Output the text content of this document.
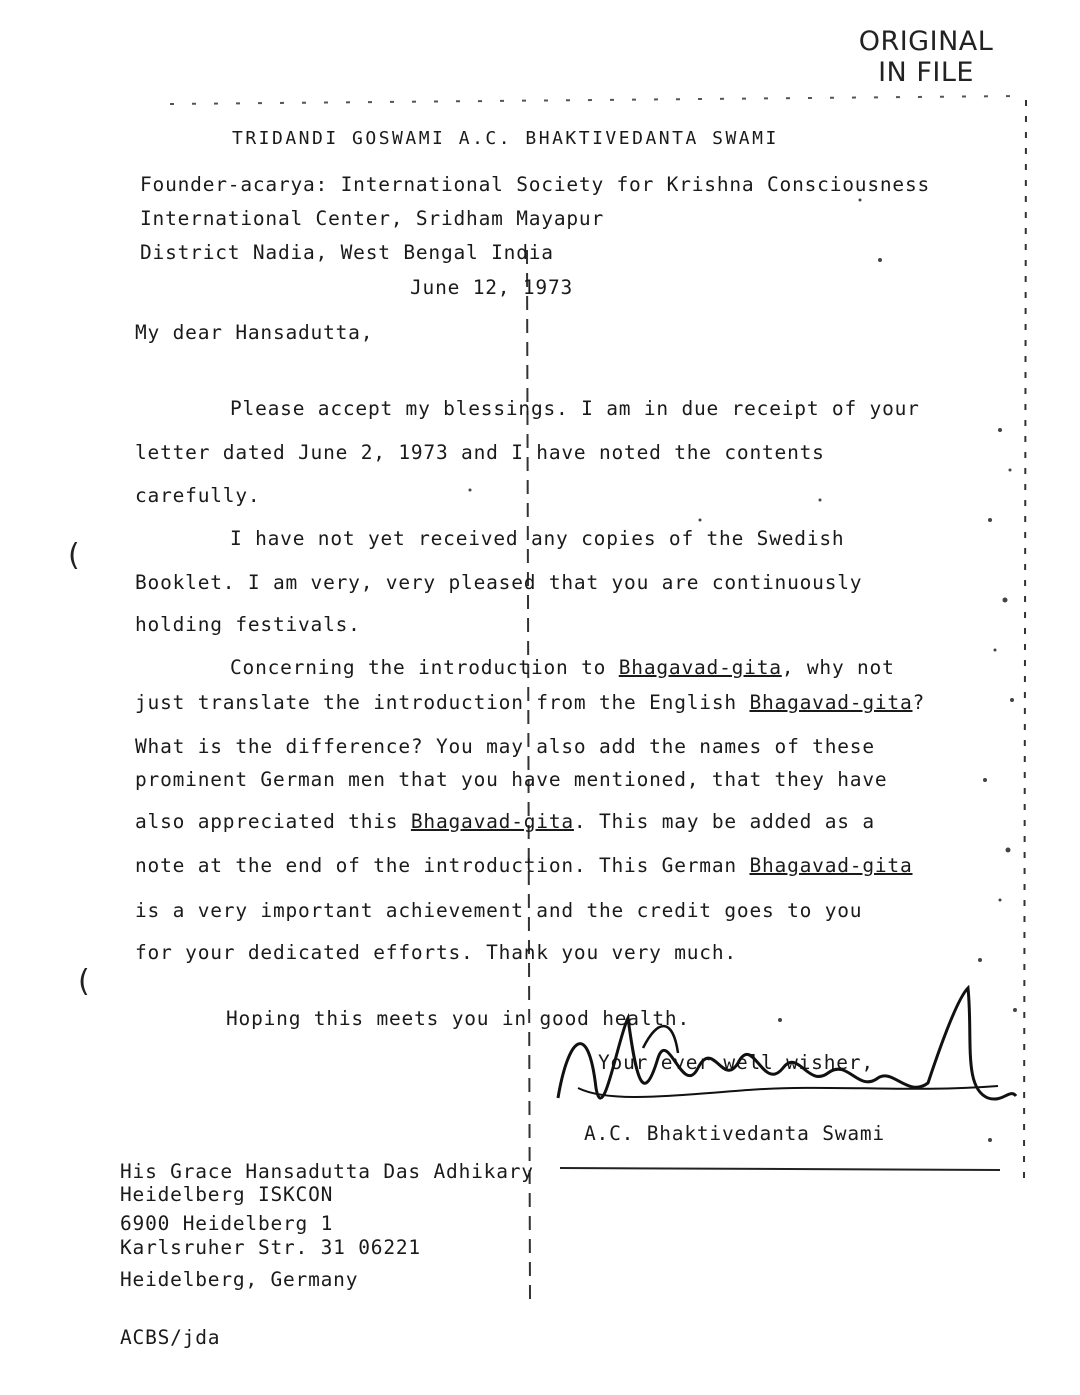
ORIGINAL
IN FILE
TRIDANDI GOSWAMI A.C. BHAKTIVEDANTA SWAMI
Founder-acarya: International Society for Krishna Consciousness
International Center, Sridham Mayapur
District Nadia, West Bengal India
June 12, 1973
My dear Hansadutta,
Please accept my blessings. I am in due receipt of your
letter dated June 2, 1973 and I have noted the contents
carefully.
I have not yet received any copies of the Swedish
Booklet. I am very, very pleased that you are continuously
holding festivals.
Concerning the introduction to Bhagavad-gita, why not
just translate the introduction from the English Bhagavad-gita?
What is the difference? You may also add the names of these
prominent German men that you have mentioned, that they have
also appreciated this Bhagavad-gita. This may be added as a
note at the end of the introduction. This German Bhagavad-gita
is a very important achievement and the credit goes to you
for your dedicated efforts. Thank you very much.
Hoping this meets you in good health.
Your ever well wisher,
A.C. Bhaktivedanta Swami
His Grace Hansadutta Das Adhikary
Heidelberg ISKCON
6900 Heidelberg 1
Karlsruher Str. 31 06221
Heidelberg, Germany
ACBS/jda
(
(
